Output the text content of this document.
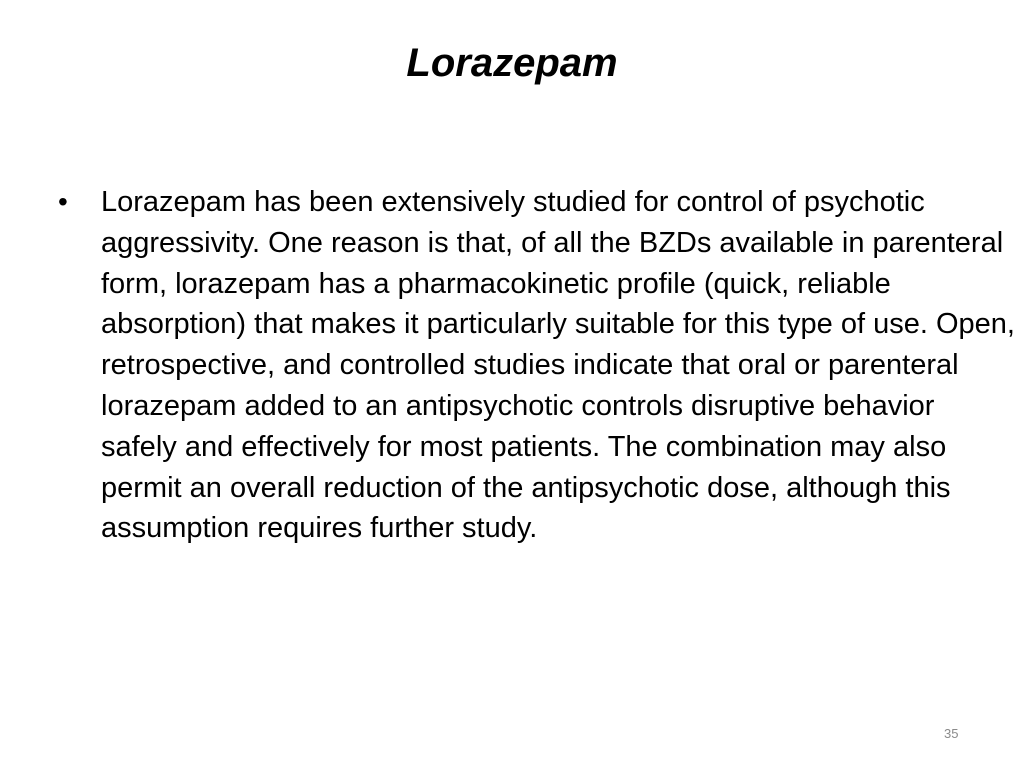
Lorazepam
•	Lorazepam has been extensively studied for control of psychotic aggressivity. One reason is that, of all the BZDs available in parenteral form, lorazepam has a pharmacokinetic profile (quick, reliable absorption) that makes it particularly suitable for this type of use. Open, retrospective, and controlled studies indicate that oral or parenteral lorazepam added to an antipsychotic controls disruptive behavior safely and effectively for most patients. The combination may also permit an overall reduction of the antipsychotic dose, although this assumption requires further study.
35
